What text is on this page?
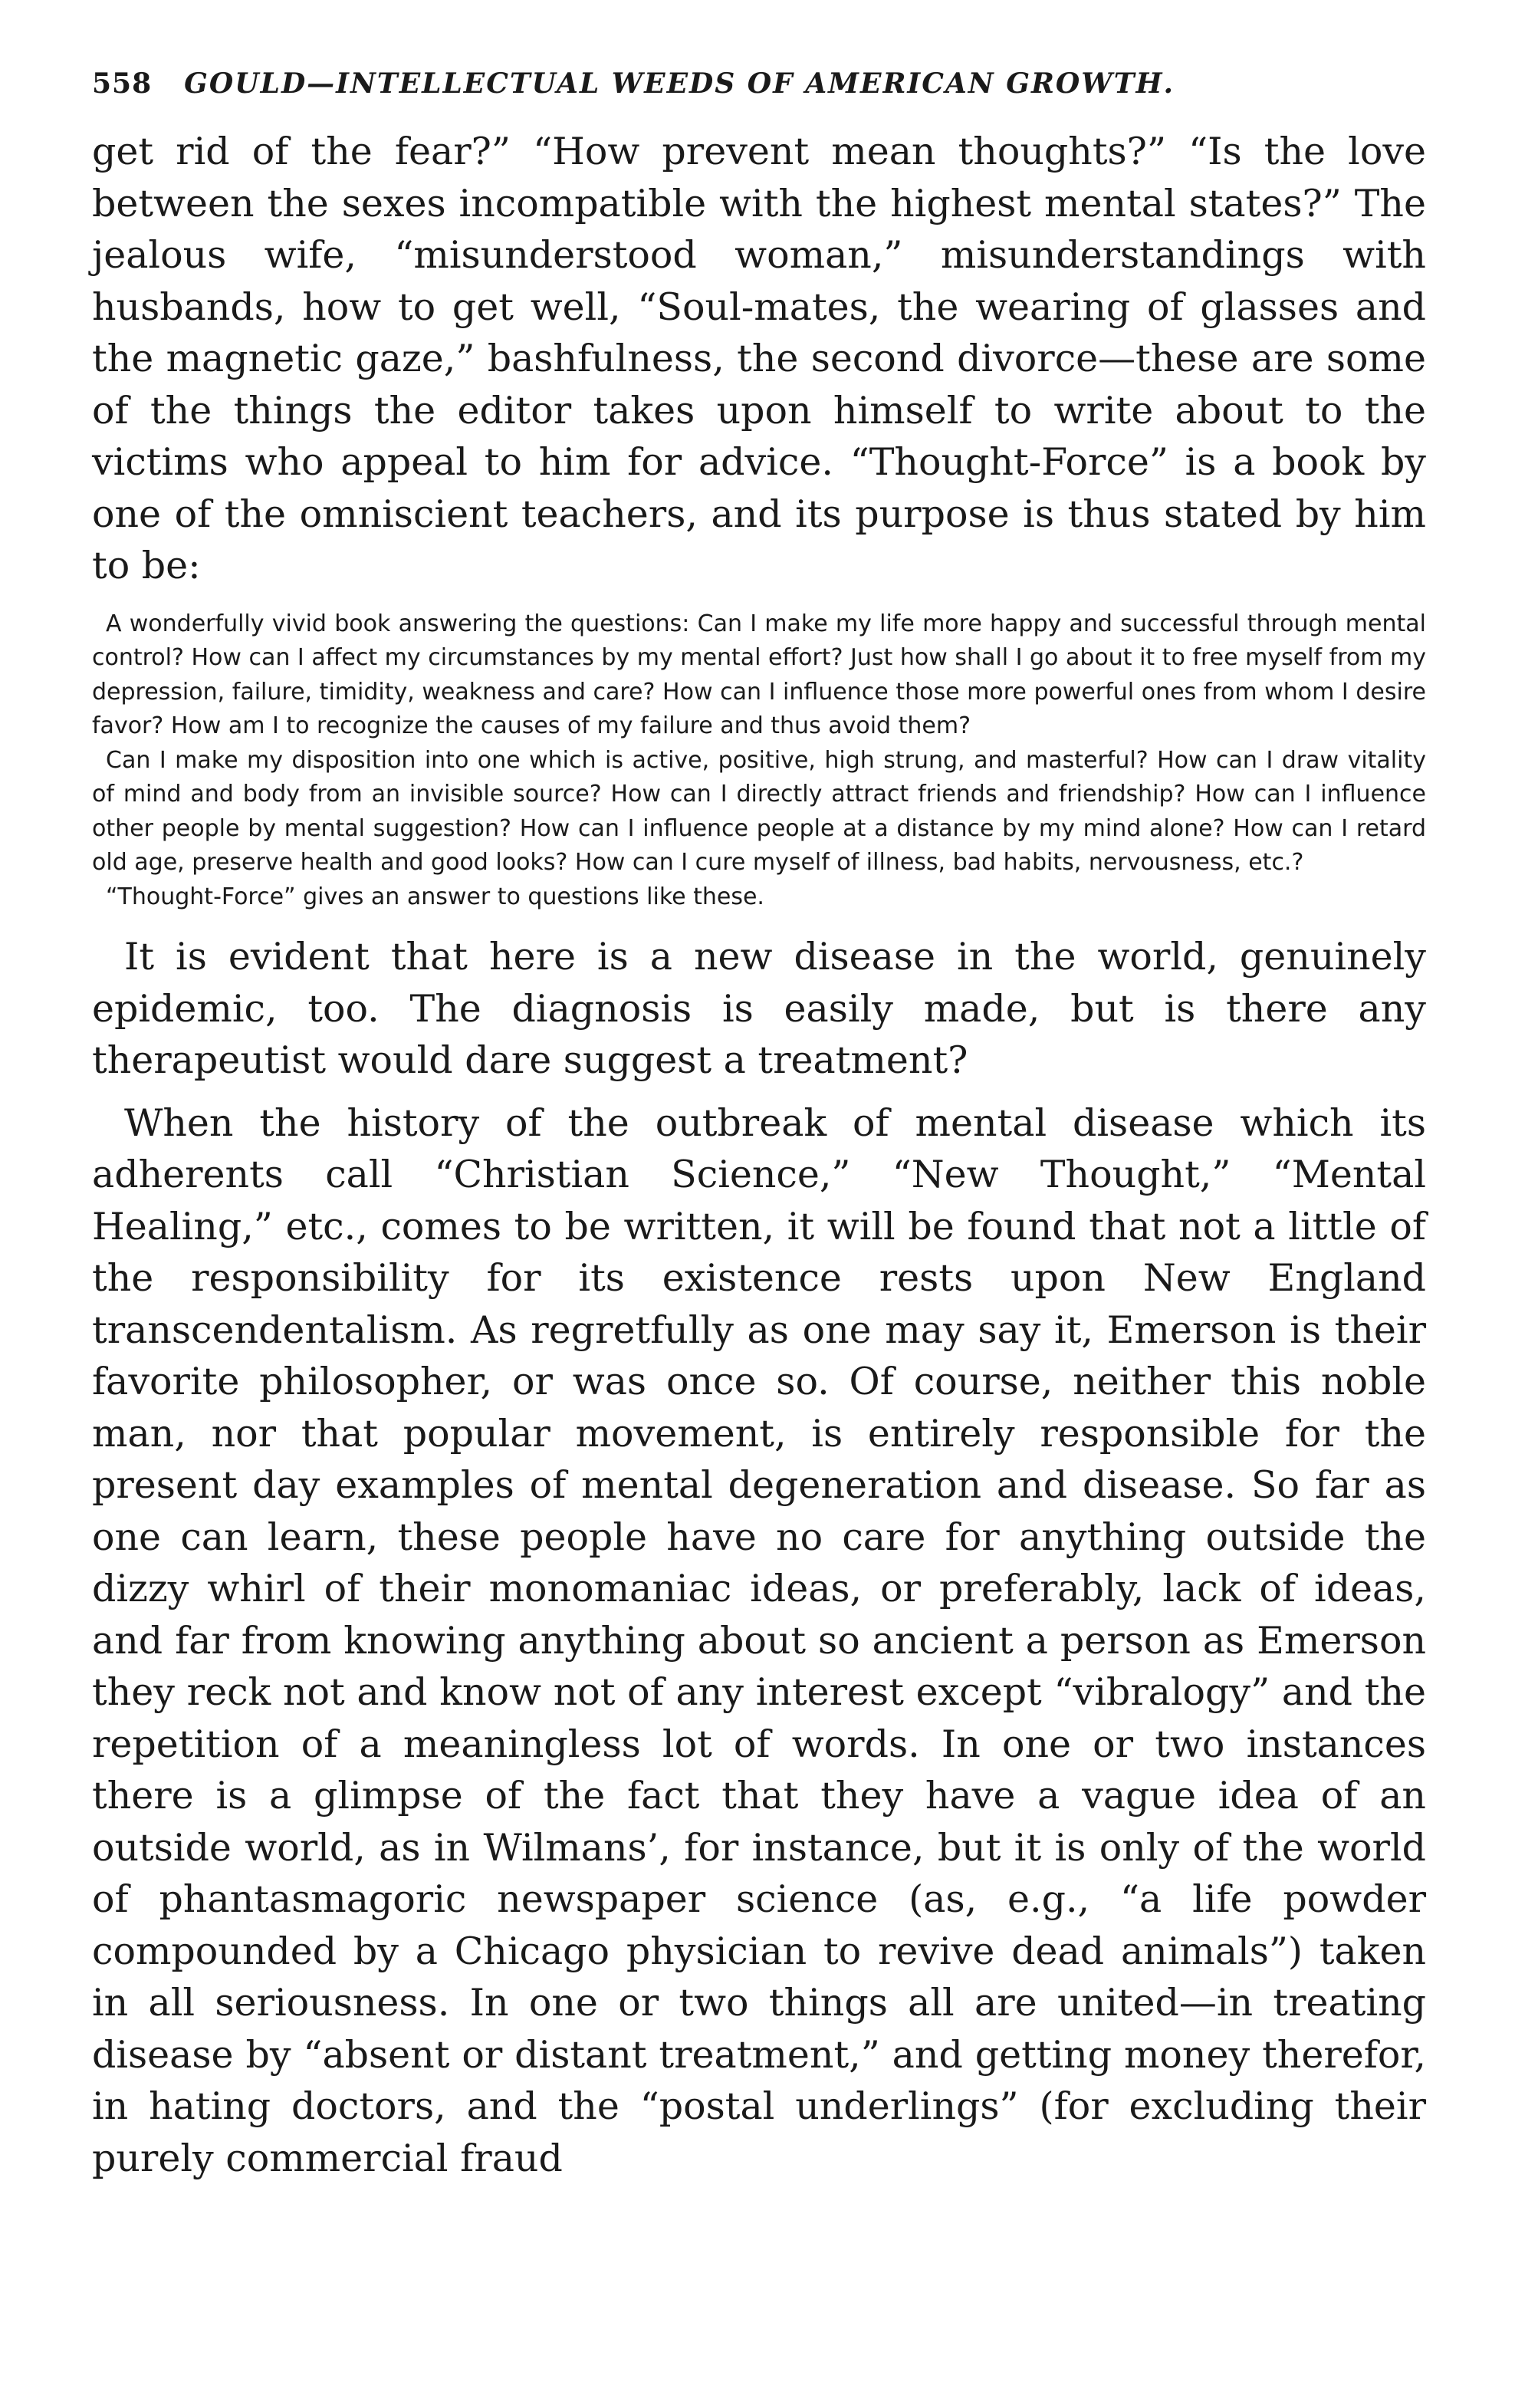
558 GOULD—INTELLECTUAL WEEDS OF AMERICAN GROWTH.

get rid of the fear?” “How prevent mean thoughts?” “Is the love between the sexes incompatible with the highest mental states?” The jealous wife, “misunderstood woman,” misunderstandings with husbands, how to get well, “Soul-mates, the wearing of glasses and the magnetic gaze,” bashfulness, the second divorce—these are some of the things the editor takes upon himself to write about to the victims who appeal to him for advice. “Thought-Force” is a book by one of the omniscient teachers, and its purpose is thus stated by him to be:

A wonderfully vivid book answering the questions: Can I make my life more happy and successful through mental control? How can I affect my circumstances by my mental effort? Just how shall I go about it to free myself from my depression, failure, timidity, weakness and care? How can I influence those more powerful ones from whom I desire favor? How am I to recognize the causes of my failure and thus avoid them?

Can I make my disposition into one which is active, positive, high strung, and masterful? How can I draw vitality of mind and body from an invisible source? How can I directly attract friends and friendship? How can I influence other people by mental suggestion? How can I influence people at a distance by my mind alone? How can I retard old age, preserve health and good looks? How can I cure myself of illness, bad habits, nervousness, etc.?

“Thought-Force” gives an answer to questions like these.

It is evident that here is a new disease in the world, genuinely epidemic, too. The diagnosis is easily made, but is there any therapeutist would dare suggest a treatment?

When the history of the outbreak of mental disease which its adherents call “Christian Science,” “New Thought,” “Mental Healing,” etc., comes to be written, it will be found that not a little of the responsibility for its existence rests upon New England transcendentalism. As regretfully as one may say it, Emerson is their favorite philosopher, or was once so. Of course, neither this noble man, nor that popular movement, is entirely responsible for the present day examples of mental degeneration and disease. So far as one can learn, these people have no care for anything outside the dizzy whirl of their monomaniac ideas, or preferably, lack of ideas, and far from knowing anything about so ancient a person as Emerson they reck not and know not of any interest except “vibralogy” and the repetition of a meaningless lot of words. In one or two instances there is a glimpse of the fact that they have a vague idea of an outside world, as in Wilmans’, for instance, but it is only of the world of phantasmagoric newspaper science (as, e.g., “a life powder compounded by a Chicago physician to revive dead animals”) taken in all seriousness. In one or two things all are united—in treating disease by “absent or distant treatment,” and getting money therefor, in hating doctors, and the “postal underlings” (for excluding their purely commercial fraud
